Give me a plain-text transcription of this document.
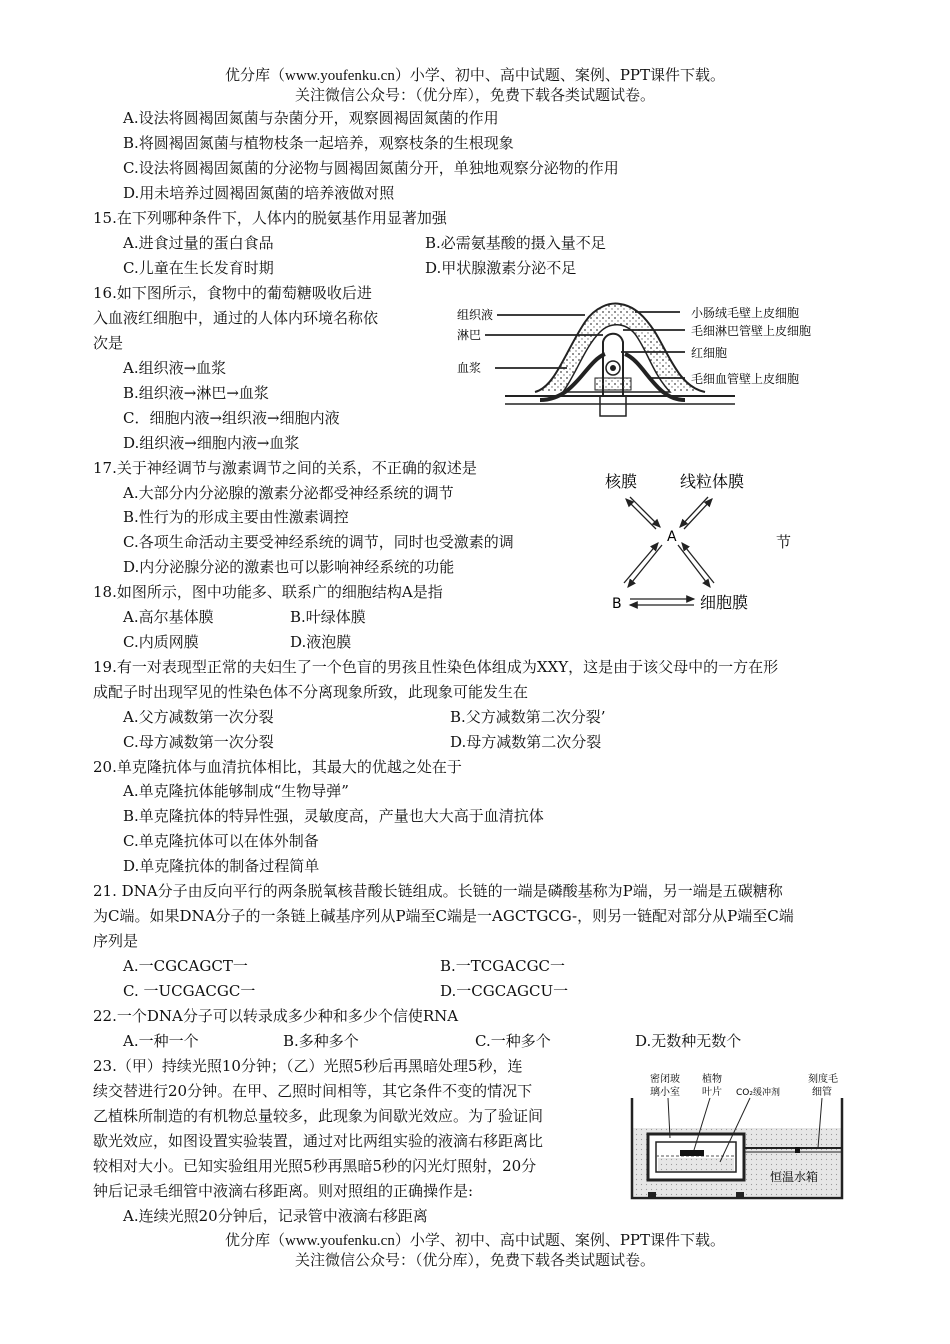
优分库（www.youfenku.cn）小学、初中、高中试题、案例、PPT课件下载。
关注微信公众号：（优分库），免费下载各类试题试卷。
A.设法将圆褐固氮菌与杂菌分开，观察圆褐固氮菌的作用
B.将圆褐固氮菌与植物枝条一起培养，观察枝条的生根现象
C.设法将圆褐固氮菌的分泌物与圆褐固氮菌分开，单独地观察分泌物的作用
D.用未培养过圆褐固氮菌的培养液做对照
15.在下列哪种条件下，人体内的脱氨基作用显著加强
A.进食过量的蛋白食品	B.必需氨基酸的摄入量不足
C.儿童在生长发育时期	D.甲状腺激素分泌不足
16.如下图所示，食物中的葡萄糖吸收后进
入血液红细胞中，通过的人体内环境名称依
次是
A.组织液→血浆
B.组织液→淋巴→血浆
C．细胞内液→组织液→细胞内液
D.组织液→细胞内液→血浆
组织液
淋巴
血浆
小肠绒毛壁上皮细胞
毛细淋巴管壁上皮细胞
红细胞
毛细血管壁上皮细胞
17.关于神经调节与激素调节之间的关系，不正确的叙述是
A.大部分内分泌腺的激素分泌都受神经系统的调节
B.性行为的形成主要由性激素调控
C.各项生命活动主要受神经系统的调节，同时也受激素的调	节
D.内分泌腺分泌的激素也可以影响神经系统的功能
18.如图所示，图中功能多、联系广的细胞结构A是指
A.高尔基体膜	B.叶绿体膜
C.内质网膜	D.液泡膜
核膜	线粒体膜
A
B	细胞膜
19.有一对表现型正常的夫妇生了一个色盲的男孩且性染色体组成为XXY，这是由于该父母中的一方在形
成配子时出现罕见的性染色体不分离现象所致，此现象可能发生在
A.父方减数第一次分裂	B.父方减数第二次分裂’
C.母方减数第一次分裂	D.母方减数第二次分裂
20.单克隆抗体与血清抗体相比，其最大的优越之处在于
A.单克隆抗体能够制成“生物导弹”
B.单克隆抗体的特异性强，灵敏度高，产量也大大高于血清抗体
C.单克隆抗体可以在体外制备
D.单克隆抗体的制备过程简单
21. DNA分子由反向平行的两条脱氧核昔酸长链组成。长链的一端是磷酸基称为P端，另一端是五碳糖称
为C端。如果DNA分子的一条链上碱基序列从P端至C端是一AGCTGCG-，则另一链配对部分从P端至C端
序列是
A.一CGCAGCT一	B.一TCGACGC一
C. 一UCGACGC一	D.一CGCAGCU一
22.一个DNA分子可以转录成多少种和多少个信使RNA
A.一种一个	B.多种多个	C.一种多个	D.无数种无数个
23.（甲）持续光照10分钟；（乙）光照5秒后再黑暗处理5秒，连
续交替进行20分钟。在甲、乙照时间相等，其它条件不变的情况下
乙植株所制造的有机物总量较多，此现象为间歇光效应。为了验证间
歇光效应，如图设置实验装置，通过对比两组实验的液滴右移距离比
较相对大小。已知实验组用光照5秒再黑暗5秒的闪光灯照射，20分
钟后记录毛细管中液滴右移距离。则对照组的正确操作是:
A.连续光照20分钟后，记录管中液滴右移距离
密闭玻
璃小室
植物
叶片 CO₂缓冲剂
刻度毛
细管
恒温水箱
优分库（www.youfenku.cn）小学、初中、高中试题、案例、PPT课件下载。
关注微信公众号：（优分库），免费下载各类试题试卷。
